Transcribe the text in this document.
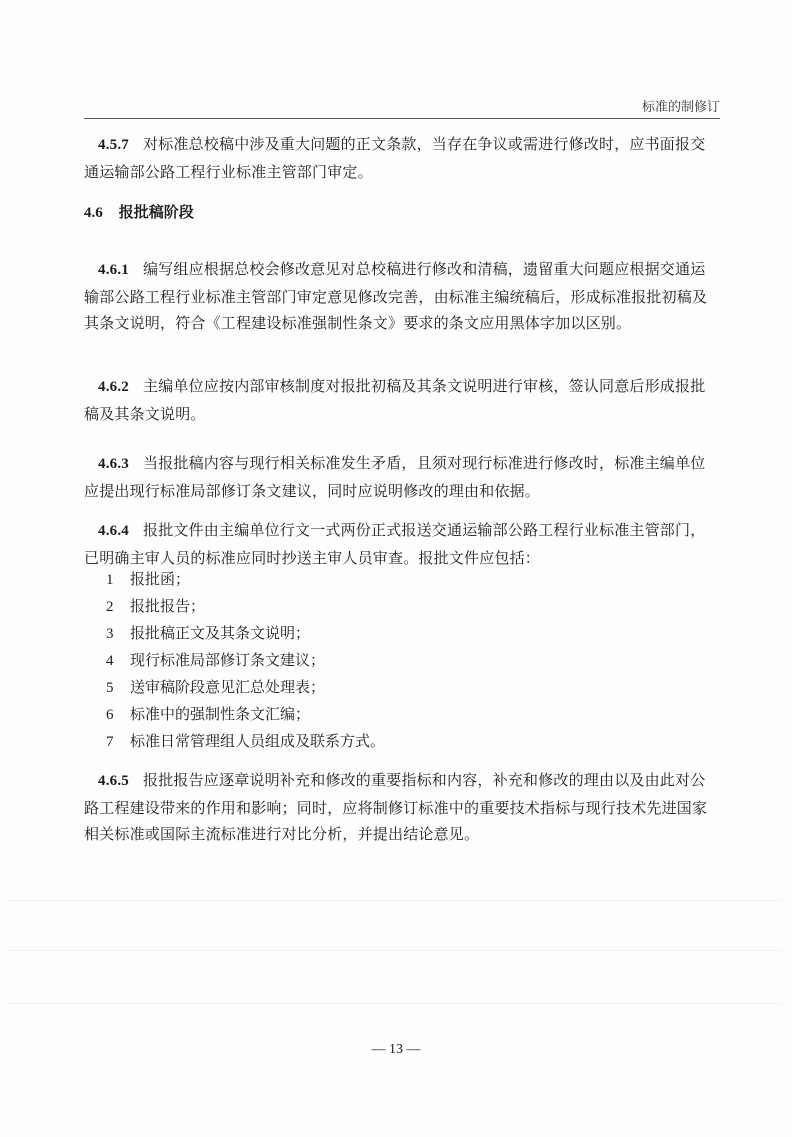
标准的制修订

4.5.7 对标准总校稿中涉及重大问题的正文条款，当存在争议或需进行修改时，应书面报交通运输部公路工程行业标准主管部门审定。

4.6 报批稿阶段

4.6.1 编写组应根据总校会修改意见对总校稿进行修改和清稿，遗留重大问题应根据交通运输部公路工程行业标准主管部门审定意见修改完善，由标准主编统稿后，形成标准报批初稿及其条文说明，符合《工程建设标准强制性条文》要求的条文应用黑体字加以区别。

4.6.2 主编单位应按内部审核制度对报批初稿及其条文说明进行审核，签认同意后形成报批稿及其条文说明。

4.6.3 当报批稿内容与现行相关标准发生矛盾，且须对现行标准进行修改时，标准主编单位应提出现行标准局部修订条文建议，同时应说明修改的理由和依据。

4.6.4 报批文件由主编单位行文一式两份正式报送交通运输部公路工程行业标准主管部门，已明确主审人员的标准应同时抄送主审人员审查。报批文件应包括：

1 报批函；
2 报批报告；
3 报批稿正文及其条文说明；
4 现行标准局部修订条文建议；
5 送审稿阶段意见汇总处理表；
6 标准中的强制性条文汇编；
7 标准日常管理组人员组成及联系方式。

4.6.5 报批报告应逐章说明补充和修改的重要指标和内容，补充和修改的理由以及由此对公路工程建设带来的作用和影响；同时，应将制修订标准中的重要技术指标与现行技术先进国家相关标准或国际主流标准进行对比分析，并提出结论意见。

— 13 —
